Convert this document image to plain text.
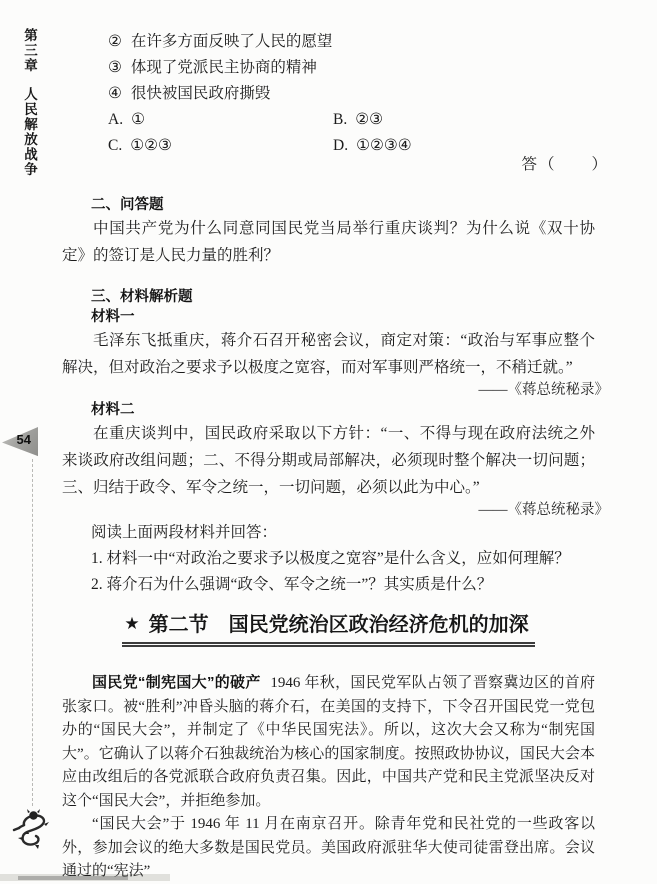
第三章人民解放战争
54
② 在许多方面反映了人民的愿望
③ 体现了党派民主协商的精神
④ 很快被国民政府撕毁
A. ①	B. ②③
C. ①②③	D. ①②③④
答（　　）
二、问答题

中国共产党为什么同意同国民党当局举行重庆谈判？为什么说《双十协定》的签订是人民力量的胜利？

三、材料解析题

材料一

毛泽东飞抵重庆，蒋介石召开秘密会议，商定对策：“政治与军事应整个解决，但对政治之要求予以极度之宽容，而对军事则严格统一，不稍迁就。”

——《蒋总统秘录》

材料二

在重庆谈判中，国民政府采取以下方针：“一、不得与现在政府法统之外来谈政府改组问题；二、不得分期或局部解决，必须现时整个解决一切问题；三、归结于政令、军令之统一，一切问题，必须以此为中心。”

——《蒋总统秘录》

阅读上面两段材料并回答：

1. 材料一中“对政治之要求予以极度之宽容”是什么含义，应如何理解？

2. 蒋介石为什么强调“政令、军令之统一”？其实质是什么？

★ 第二节　国民党统治区政治经济危机的加深

国民党“制宪国大”的破产 1946 年秋，国民党军队占领了晋察冀边区的首府张家口。被“胜利”冲昏头脑的蒋介石，在美国的支持下，下令召开国民党一党包办的“国民大会”，并制定了《中华民国宪法》。所以，这次大会又称为“制宪国大”。它确认了以蒋介石独裁统治为核心的国家制度。按照政协协议，国民大会本应由改组后的各党派联合政府负责召集。因此，中国共产党和民主党派坚决反对这个“国民大会”，并拒绝参加。

“国民大会”于 1946 年 11 月在南京召开。除青年党和民社党的一些政客以外，参加会议的绝大多数是国民党员。美国政府派驻华大使司徒雷登出席。会议通过的“宪法”
